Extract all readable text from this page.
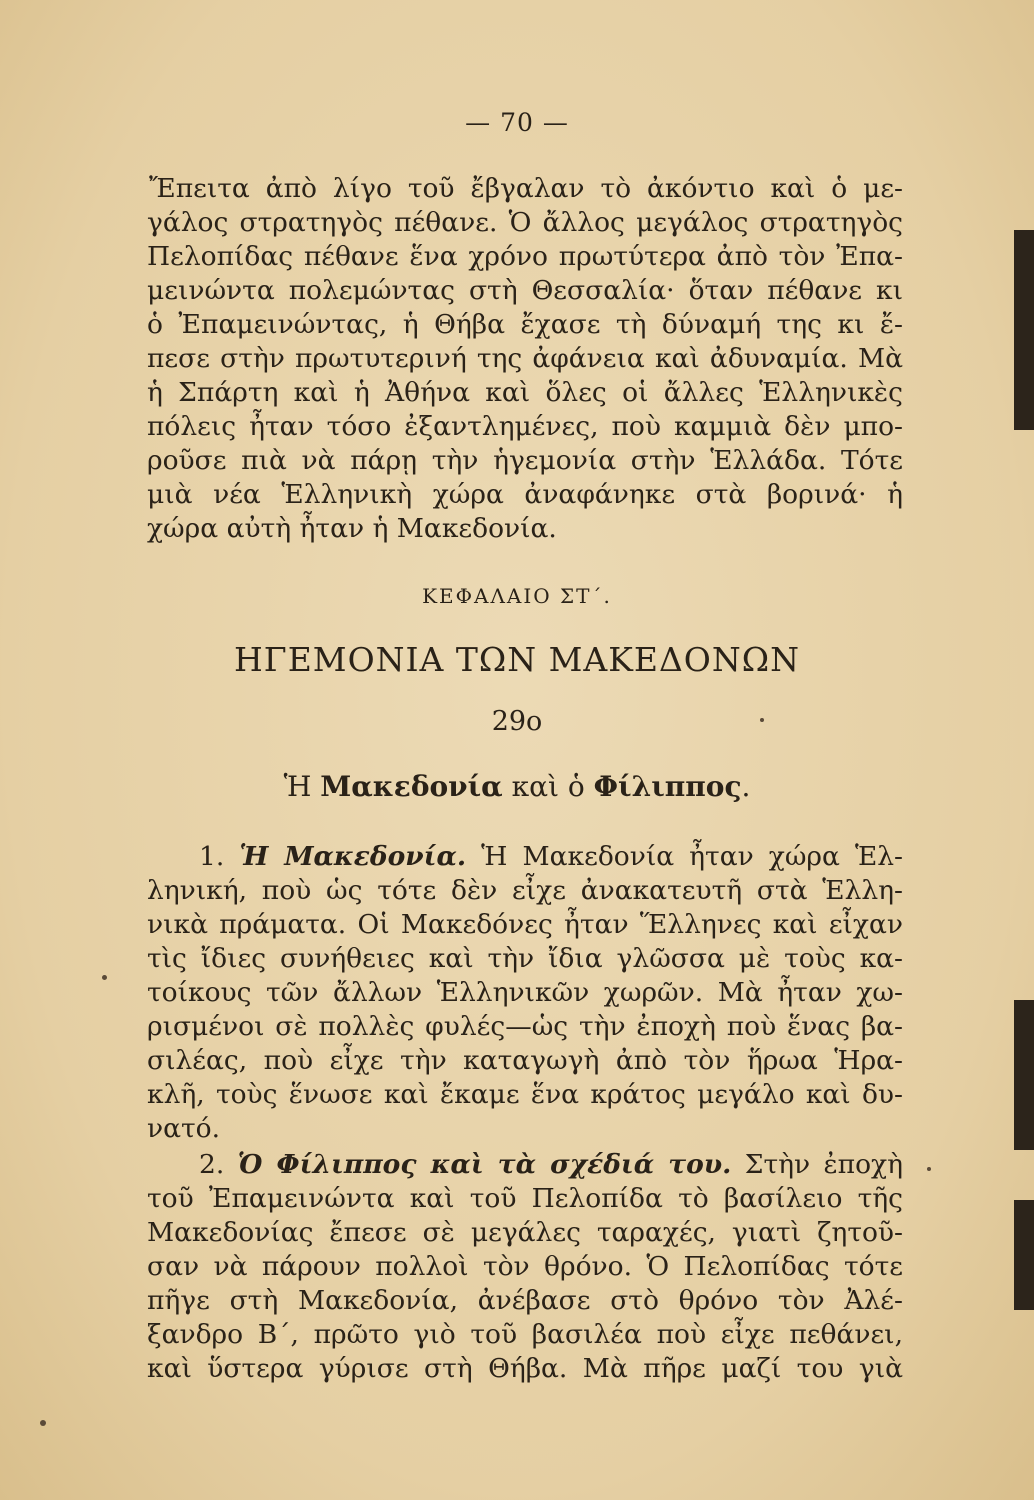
— 70 —
Ἔπειτα ἀπὸ λίγο τοῦ ἔβγαλαν τὸ ἀκόντιο καὶ ὁ με-
γάλος στρατηγὸς πέθανε. Ὁ ἄλλος μεγάλος στρατηγὸς
Πελοπίδας πέθανε ἕνα χρόνο πρωτύτερα ἀπὸ τὸν Ἐπα-
μεινώντα πολεμώντας στὴ Θεσσαλία· ὅταν πέθανε κι
ὁ Ἐπαμεινώντας, ἡ Θήβα ἔχασε τὴ δύναμή της κι ἔ-
πεσε στὴν πρωτυτερινή της ἀφάνεια καὶ ἀδυναμία. Μὰ
ἡ Σπάρτη καὶ ἡ Ἀθήνα καὶ ὅλες οἱ ἄλλες Ἑλληνικὲς
πόλεις ἦταν τόσο ἐξαντλημένες, ποὺ καμμιὰ δὲν μπο-
ροῦσε πιὰ νὰ πάρῃ τὴν ἡγεμονία στὴν Ἑλλάδα. Τότε
μιὰ νέα Ἑλληνικὴ χώρα ἀναφάνηκε στὰ βορινά· ἡ
χώρα αὐτὴ ἦταν ἡ Μακεδονία.
ΚΕΦΑΛΑΙΟ ΣΤ΄.
ΗΓΕΜΟΝΙΑ ΤΩΝ ΜΑΚΕΔΟΝΩΝ
29ο
Ἡ Μακεδονία καὶ ὁ Φίλιππος.
1. Ἡ Μακεδονία. Ἡ Μακεδονία ἦταν χώρα Ἑλ-
ληνική, ποὺ ὡς τότε δὲν εἶχε ἀνακατευτῆ στὰ Ἑλλη-
νικὰ πράματα. Οἱ Μακεδόνες ἦταν Ἕλληνες καὶ εἶχαν
τὶς ἴδιες συνήθειες καὶ τὴν ἴδια γλῶσσα μὲ τοὺς κα-
τοίκους τῶν ἄλλων Ἑλληνικῶν χωρῶν. Μὰ ἦταν χω-
ρισμένοι σὲ πολλὲς φυλές—ὡς τὴν ἐποχὴ ποὺ ἕνας βα-
σιλέας, ποὺ εἶχε τὴν καταγωγὴ ἀπὸ τὸν ἥρωα Ἡρα-
κλῆ, τοὺς ἕνωσε καὶ ἔκαμε ἕνα κράτος μεγάλο καὶ δυ-
νατό.
2. Ὁ Φίλιππος καὶ τὰ σχέδιά του. Στὴν ἐποχὴ
τοῦ Ἐπαμεινώντα καὶ τοῦ Πελοπίδα τὸ βασίλειο τῆς
Μακεδονίας ἔπεσε σὲ μεγάλες ταραχές, γιατὶ ζητοῦ-
σαν νὰ πάρουν πολλοὶ τὸν θρόνο. Ὁ Πελοπίδας τότε
πῆγε στὴ Μακεδονία, ἀνέβασε στὸ θρόνο τὸν Ἀλέ-
ξανδρο Β΄, πρῶτο γιὸ τοῦ βασιλέα ποὺ εἶχε πεθάνει,
καὶ ὕστερα γύρισε στὴ Θήβα. Μὰ πῆρε μαζί του γιὰ
